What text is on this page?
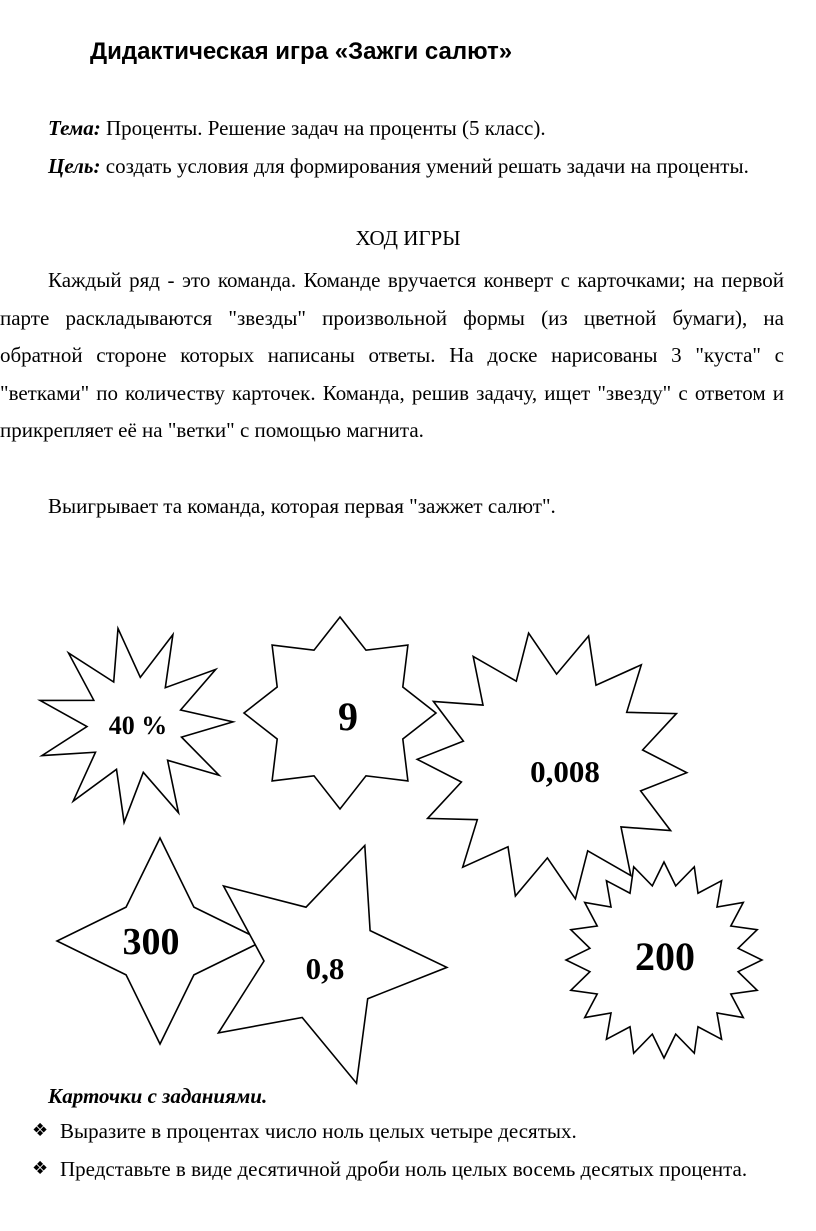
Дидактическая игра «Зажги салют»

Тема: Проценты. Решение задач на проценты (5 класс).

Цель: создать условия для формирования умений решать задачи на проценты.

ХОД ИГРЫ

Каждый ряд - это команда. Команде вручается конверт с карточками; на первой парте раскладываются "звезды" произвольной формы (из цветной бумаги), на обратной стороне которых написаны ответы. На доске нарисованы 3 "куста" с "ветками" по количеству карточек. Команда, решив задачу, ищет "звезду" с ответом и прикрепляет её на "ветки" с помощью магнита.

Выигрывает та команда, которая первая "зажжет салют".

40 %	9
0,008
300
0,8	200

Карточки с заданиями.

❖ Выразите в процентах число ноль целых четыре десятых.
❖ Представьте в виде десятичной дроби ноль целых восемь десятых процента.
